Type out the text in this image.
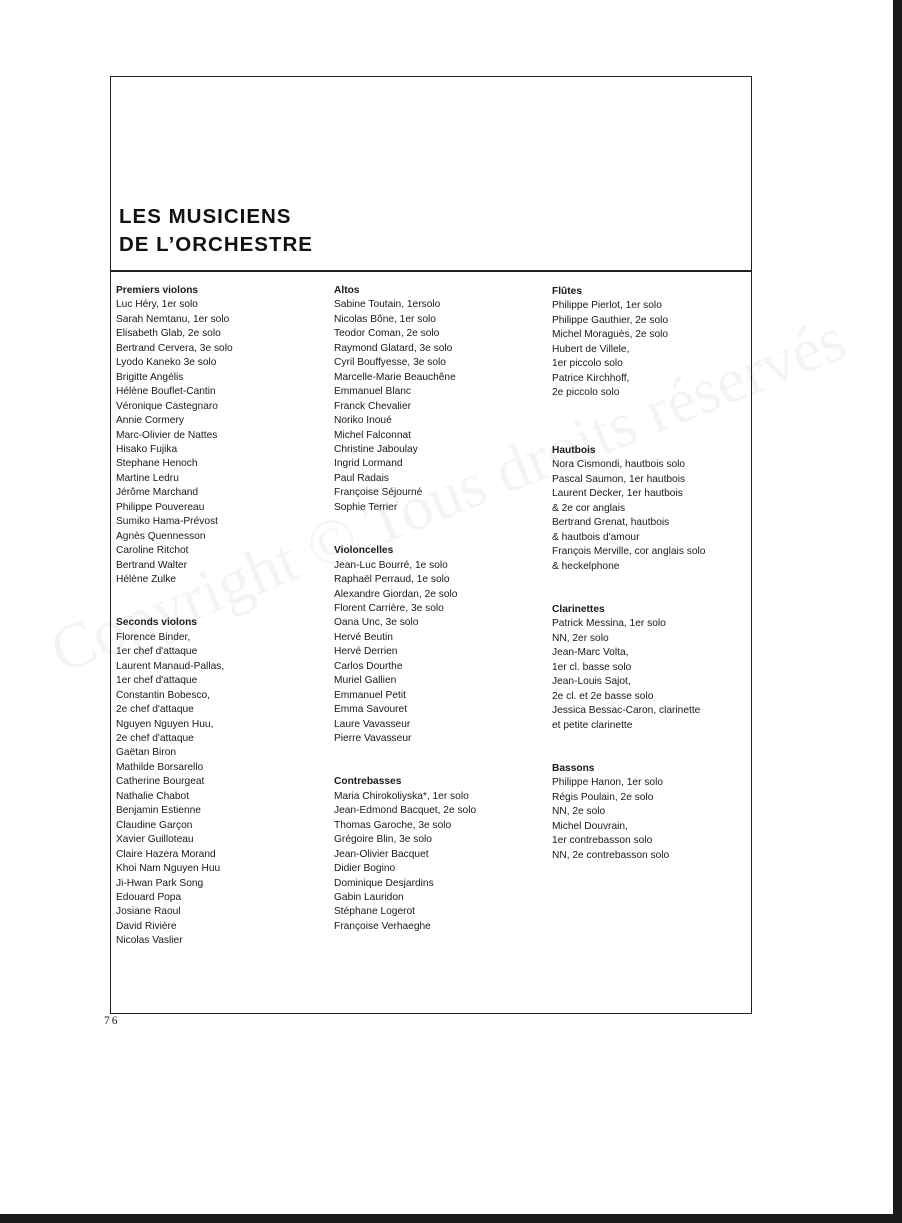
LES MUSICIENS
DE L’ORCHESTRE
Premiers violons
Luc Héry, 1er solo
Sarah Nemtanu, 1er solo
Elisabeth Glab, 2e solo
Bertrand Cervera, 3e solo
Lyodo Kaneko 3e solo
Brigitte Angélis
Hélène Bouflet-Cantin
Véronique Castegnaro
Annie Cormery
Marc-Olivier de Nattes
Hisako Fujika
Stephane Henoch
Martine Ledru
Jérôme Marchand
Philippe Pouvereau
Sumiko Hama-Prévost
Agnès Quennesson
Caroline Ritchot
Bertrand Walter
Hélène Zulke
Seconds violons
Florence Binder,
1er chef d'attaque
Laurent Manaud-Pallas,
1er chef d'attaque
Constantin Bobesco,
2e chef d'attaque
Nguyen Nguyen Huu,
2e chef d'attaque
Gaëtan Biron
Mathilde Borsarello
Catherine Bourgeat
Nathalie Chabot
Benjamin Estienne
Claudine Garçon
Xavier Guilloteau
Claire Hazera Morand
Khoi Nam Nguyen Huu
Ji-Hwan Park Song
Edouard Popa
Josiane Raoul
David Rivière
Nicolas Vaslier
Altos
Sabine Toutain, 1ersolo
Nicolas Bône, 1er solo
Teodor Coman, 2e solo
Raymond Glatard, 3e solo
Cyril Bouffyesse, 3e solo
Marcelle-Marie Beauchêne
Emmanuel Blanc
Franck Chevalier
Noriko Inoué
Michel Falconnat
Christine Jaboulay
Ingrid Lormand
Paul Radais
Françoise Séjourné
Sophie Terrier
Violoncelles
Jean-Luc Bourré, 1e solo
Raphaël Perraud, 1e solo
Alexandre Giordan, 2e solo
Florent Carrière, 3e solo
Oana Unc, 3e solo
Hervé Beutin
Hervé Derrien
Carlos Dourthe
Muriel Gallien
Emmanuel Petit
Emma Savouret
Laure Vavasseur
Pierre Vavasseur
Contrebasses
Maria Chirokoliyska*, 1er solo
Jean-Edmond Bacquet, 2e solo
Thomas Garoche, 3e solo
Grégoire Blin, 3e solo
Jean-Olivier Bacquet
Didier Bogino
Dominique Desjardins
Gabin Lauridon
Stéphane Logerot
Françoise Verhaeghe
Flûtes
Philippe Pierlot, 1er solo
Philippe Gauthier, 2e solo
Michel Moraguès, 2e solo
Hubert de Villele,
1er piccolo solo
Patrice Kirchhoff,
2e piccolo solo
Hautbois
Nora Cismondi, hautbois solo
Pascal Saumon, 1er hautbois
Laurent Decker, 1er hautbois
& 2e cor anglais
Bertrand Grenat, hautbois
& hautbois d'amour
François Merville, cor anglais solo
& heckelphone
Clarinettes
Patrick Messina, 1er solo
NN, 2er solo
Jean-Marc Volta,
1er cl. basse solo
Jean-Louis Sajot,
2e cl. et 2e basse solo
Jessica Bessac-Caron, clarinette
et petite clarinette
Bassons
Philippe Hanon, 1er solo
Régis Poulain, 2e solo
NN, 2e solo
Michel Douvrain,
1er contrebasson solo
NN, 2e contrebasson solo
76
